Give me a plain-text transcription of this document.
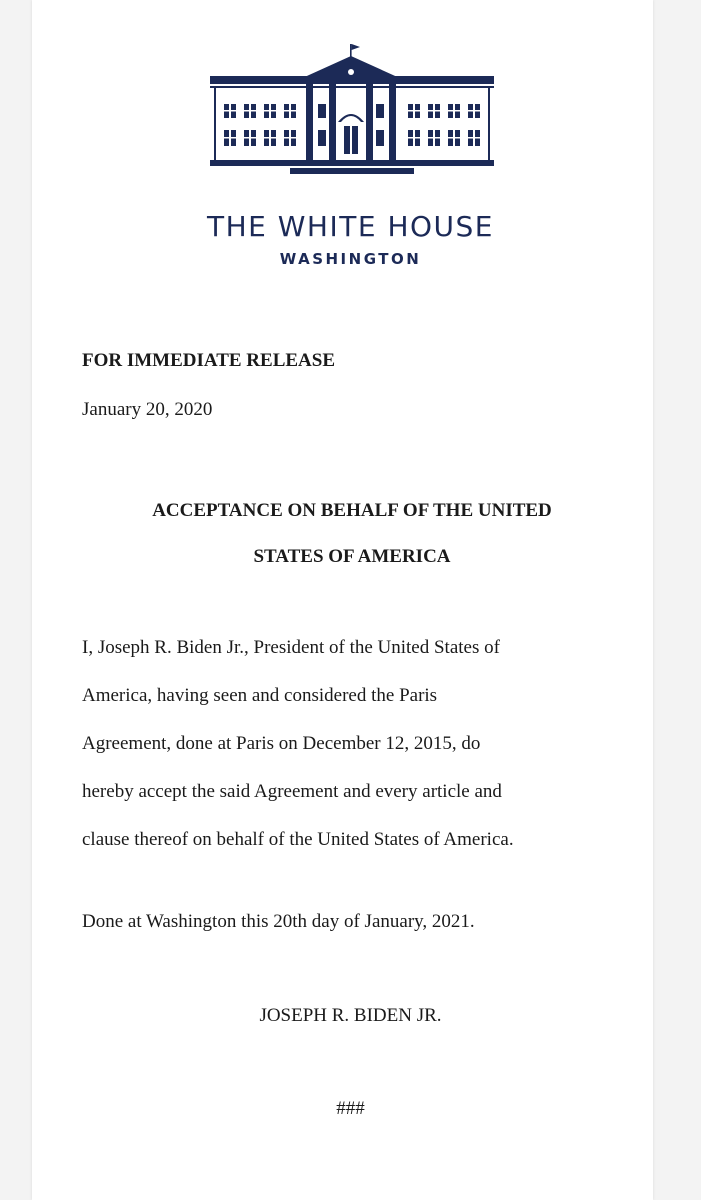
THE WHITE HOUSE
WASHINGTON
FOR IMMEDIATE RELEASE
January 20, 2020
ACCEPTANCE ON BEHALF OF THE UNITED
STATES OF AMERICA
I, Joseph R. Biden Jr., President of the United States of
America, having seen and considered the Paris
Agreement, done at Paris on December 12, 2015, do
hereby accept the said Agreement and every article and
clause thereof on behalf of the United States of America.
Done at Washington this 20th day of January, 2021.
JOSEPH R. BIDEN JR.
###
